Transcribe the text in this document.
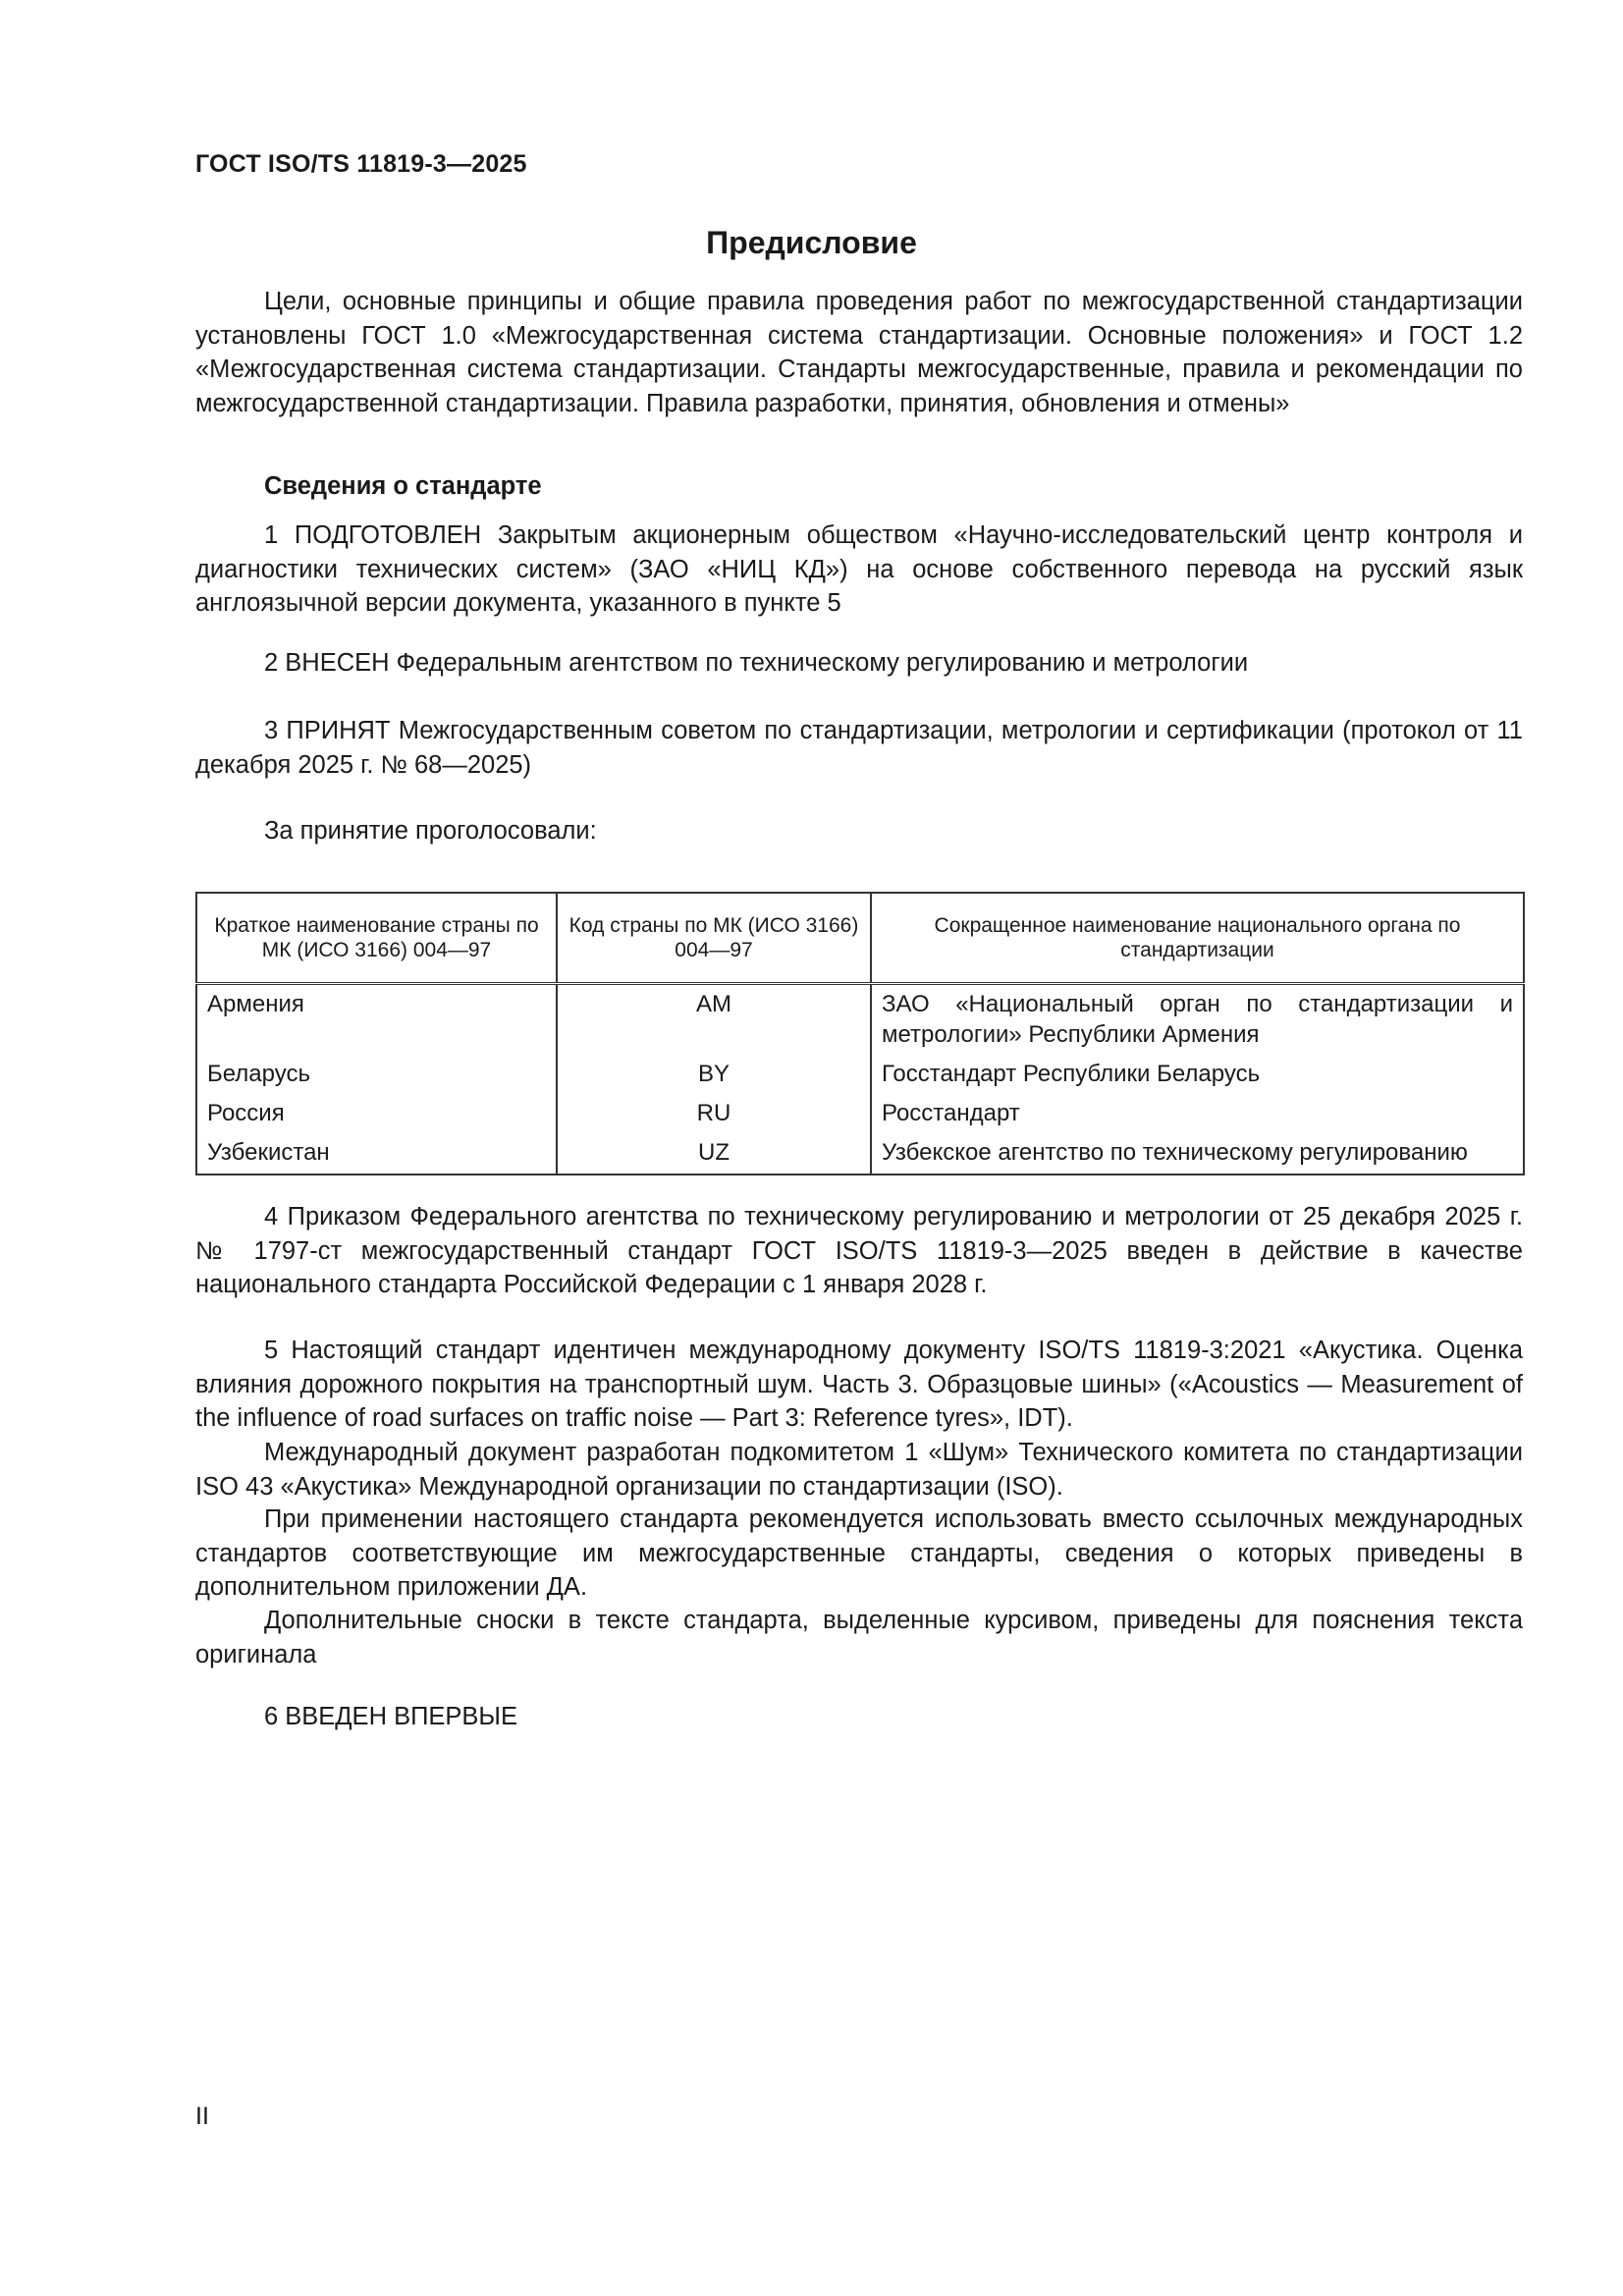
ГОСТ ISO/TS 11819-3—2025
Предисловие
Цели, основные принципы и общие правила проведения работ по межгосударственной стандартизации установлены ГОСТ 1.0 «Межгосударственная система стандартизации. Основные положения» и ГОСТ 1.2 «Межгосударственная система стандартизации. Стандарты межгосударственные, правила и рекомендации по межгосударственной стандартизации. Правила разработки, принятия, обновления и отмены»
Сведения о стандарте
1 ПОДГОТОВЛЕН Закрытым акционерным обществом «Научно-исследовательский центр контроля и диагностики технических систем» (ЗАО «НИЦ КД») на основе собственного перевода на русский язык англоязычной версии документа, указанного в пункте 5
2 ВНЕСЕН Федеральным агентством по техническому регулированию и метрологии
3 ПРИНЯТ Межгосударственным советом по стандартизации, метрологии и сертификации (протокол от 11 декабря 2025 г. № 68—2025)
За принятие проголосовали:
Краткое наименование страны по МК (ИСО 3166) 004—97	Код страны по МК (ИСО 3166) 004—97	Сокращенное наименование национального органа по стандартизации
Армения	AM	ЗАО «Национальный орган по стандартизации и метрологии» Республики Армения
Беларусь	BY	Госстандарт Республики Беларусь
Россия	RU	Росстандарт
Узбекистан	UZ	Узбекское агентство по техническому регулированию
4 Приказом Федерального агентства по техническому регулированию и метрологии от 25 декабря 2025 г. № 1797-ст межгосударственный стандарт ГОСТ ISO/TS 11819-3—2025 введен в действие в качестве национального стандарта Российской Федерации с 1 января 2028 г.
5 Настоящий стандарт идентичен международному документу ISO/TS 11819-3:2021 «Акустика. Оценка влияния дорожного покрытия на транспортный шум. Часть 3. Образцовые шины» («Acoustics — Measurement of the influence of road surfaces on traffic noise — Part 3: Reference tyres», IDT).
Международный документ разработан подкомитетом 1 «Шум» Технического комитета по стандартизации ISO 43 «Акустика» Международной организации по стандартизации (ISO).
При применении настоящего стандарта рекомендуется использовать вместо ссылочных международных стандартов соответствующие им межгосударственные стандарты, сведения о которых приведены в дополнительном приложении ДА.
Дополнительные сноски в тексте стандарта, выделенные курсивом, приведены для пояснения текста оригинала
6 ВВЕДЕН ВПЕРВЫЕ
II
